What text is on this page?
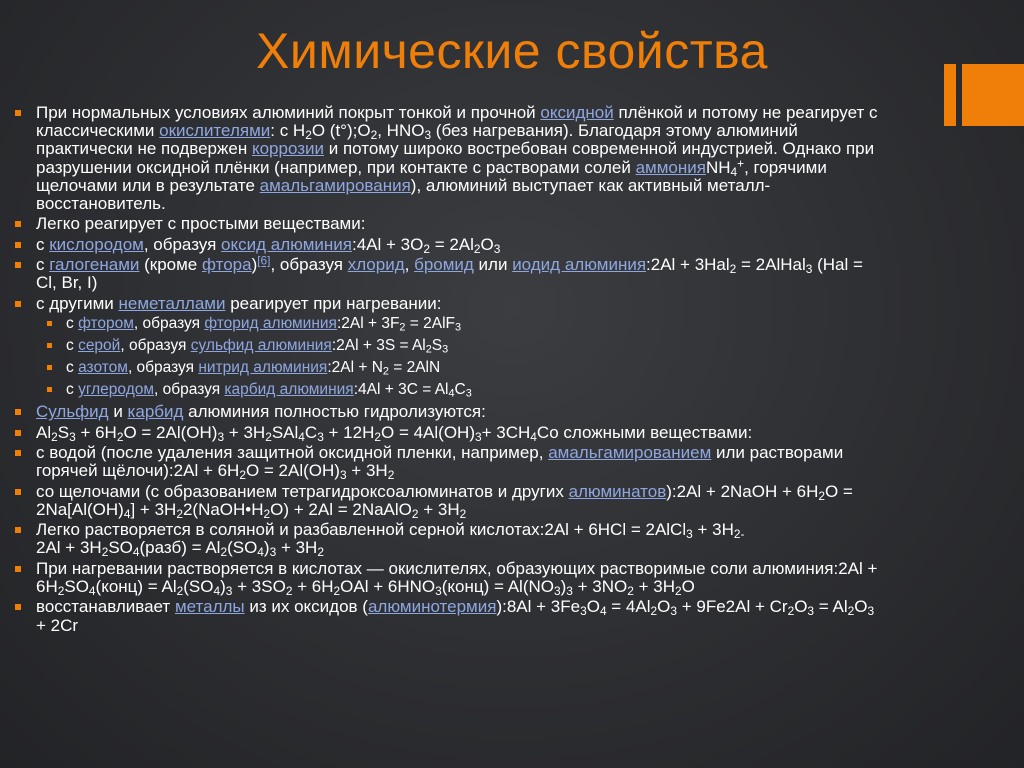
Химические свойства
При нормальных условиях алюминий покрыт тонкой и прочной оксидной плёнкой и потому не реагирует с классическими окислителями: с $H_2O$ $(t^\circ);O_2$, $HNO_3$ (без нагревания). Благодаря этому алюминий практически не подвержен коррозии и потому широко востребован современной индустрией. Однако при разрушении оксидной плёнки (например, при контакте с растворами солей аммонияNH$_4$+, горячими щелочами или в результате амальгамирования), алюминий выступает как активный металл-восстановитель.
Легко реагирует с простыми веществами:
с кислородом, образуя оксид алюминия:4Al + $3O_2 = 2Al_2O_3$
с галогенами (кроме фтора)[6], образуя хлорид, бромид или иодид алюминия:2Al + 3Hal$_2$ = 2AlHal$_3$ (Hal = Cl, Br, I)
с другими неметаллами реагирует при нагревании:
с фтором, образуя фторид алюминия:2Al + $3F_2 = 2AlF_3$
с серой, образуя сульфид алюминия:2Al + $3S = Al_2S_3$
с азотом, образуя нитрид алюминия:2Al + $N_2 = 2AlN$
с углеродом, образуя карбид алюминия:4Al + $3C = Al_4C_3$
Сульфид и карбид алюминия полностью гидролизуются:
$Al_2S_3 + 6H_2O = 2Al(OH)_3 + 3H_2SAl_4C_3 + 12H_2O = 4Al(OH)_3+ 3CH_4Co$ сложными веществами:
с водой (после удаления защитной оксидной пленки, например, амальгамированием или растворами горячей щёлочи):2Al + $6H_2O = 2Al(OH)_3 + 3H_2$
со щелочами (с образованием тетрагидроксоалюминатов и других алюминатов):2Al + 2NaOH + $6H_2O = 2Na[Al(OH)_4]$ + $3H_22(NaOH•H_2O) + 2Al$ = 2NaAlO$_2$ + $3H_2$
Легко растворяется в соляной и разбавленной серной кислотах:2Al + 6HCl = 2AlCl$_3$ + $3H_{2-}$
$2Al + 3H_2SO_4(разб) = Al_2(SO_4)_3 + 3H_2$
При нагревании растворяется в кислотах — окислителях, образующих растворимые соли алюминия:2Al + $6H_2SO_4(конц) = Al_2(SO_4)_3 + 3SO_2 + 6H_2OAl$ + $6HNO_3(конц) = Al(NO_3)_3 + 3NO_2 + 3H_2O$
восстанавливает металлы из их оксидов (алюминотермия):8Al + $3Fe_3O_4 = 4Al_2O_3 + 9Fe2Al + Cr_2O_3 = Al_2O_3 + 2Cr$
